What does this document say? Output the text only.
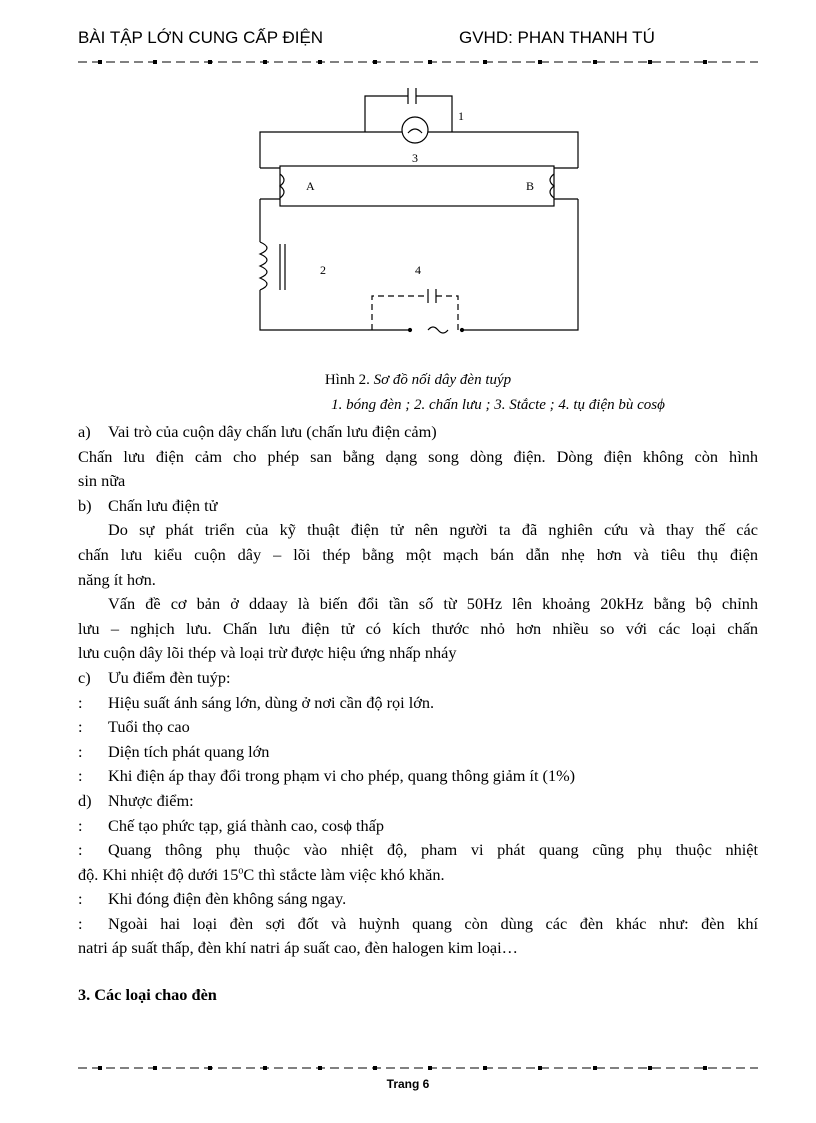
BÀI TẬP LỚN CUNG CẤP ĐIỆN	GVHD: PHAN THANH TÚ
1
3
A	B
2	4
Hình 2. Sơ đồ nối dây đèn tuýp
1. bóng đèn ; 2. chấn lưu ; 3. Stắcte ; 4. tụ điện bù cosϕ
a) Vai trò của cuộn dây chấn lưu (chấn lưu điện cảm)
Chấn lưu điện cảm cho phép san bằng dạng song dòng điện. Dòng điện không còn hình
sin nữa
b) Chấn lưu điện tử
Do sự phát triển của kỹ thuật điện tử nên người ta đã nghiên cứu và thay thế các
chấn lưu kiểu cuộn dây – lõi thép bằng một mạch bán dẫn nhẹ hơn và tiêu thụ điện
năng ít hơn.
Vấn đề cơ bản ở ddaay là biến đổi tần số từ 50Hz lên khoảng 20kHz bằng bộ chỉnh
lưu – nghịch lưu. Chấn lưu điện tử có kích thước nhỏ hơn nhiều so với các loại chấn
lưu cuộn dây lõi thép và loại trừ được hiệu ứng nhấp nháy
c) Ưu điểm đèn tuýp:
: Hiệu suất ánh sáng lớn, dùng ở nơi cần độ rọi lớn.
: Tuổi thọ cao
: Diện tích phát quang lớn
: Khi điện áp thay đổi trong phạm vi cho phép, quang thông giảm ít (1%)
d) Nhược điểm:
: Chế tạo phức tạp, giá thành cao, cosϕ thấp
:	Quang thông phụ thuộc vào nhiệt độ, pham vi phát quang cũng phụ thuộc nhiệt
độ. Khi nhiệt độ dưới 15$^o$C thì stắcte làm việc khó khăn.
: Khi đóng điện đèn không sáng ngay.
:	Ngoài hai loại đèn sợi đốt và huỳnh quang còn dùng các đèn khác như: đèn khí
natri áp suất thấp, đèn khí natri áp suất cao, đèn halogen kim loại…
3. Các loại chao đèn
Trang 6
